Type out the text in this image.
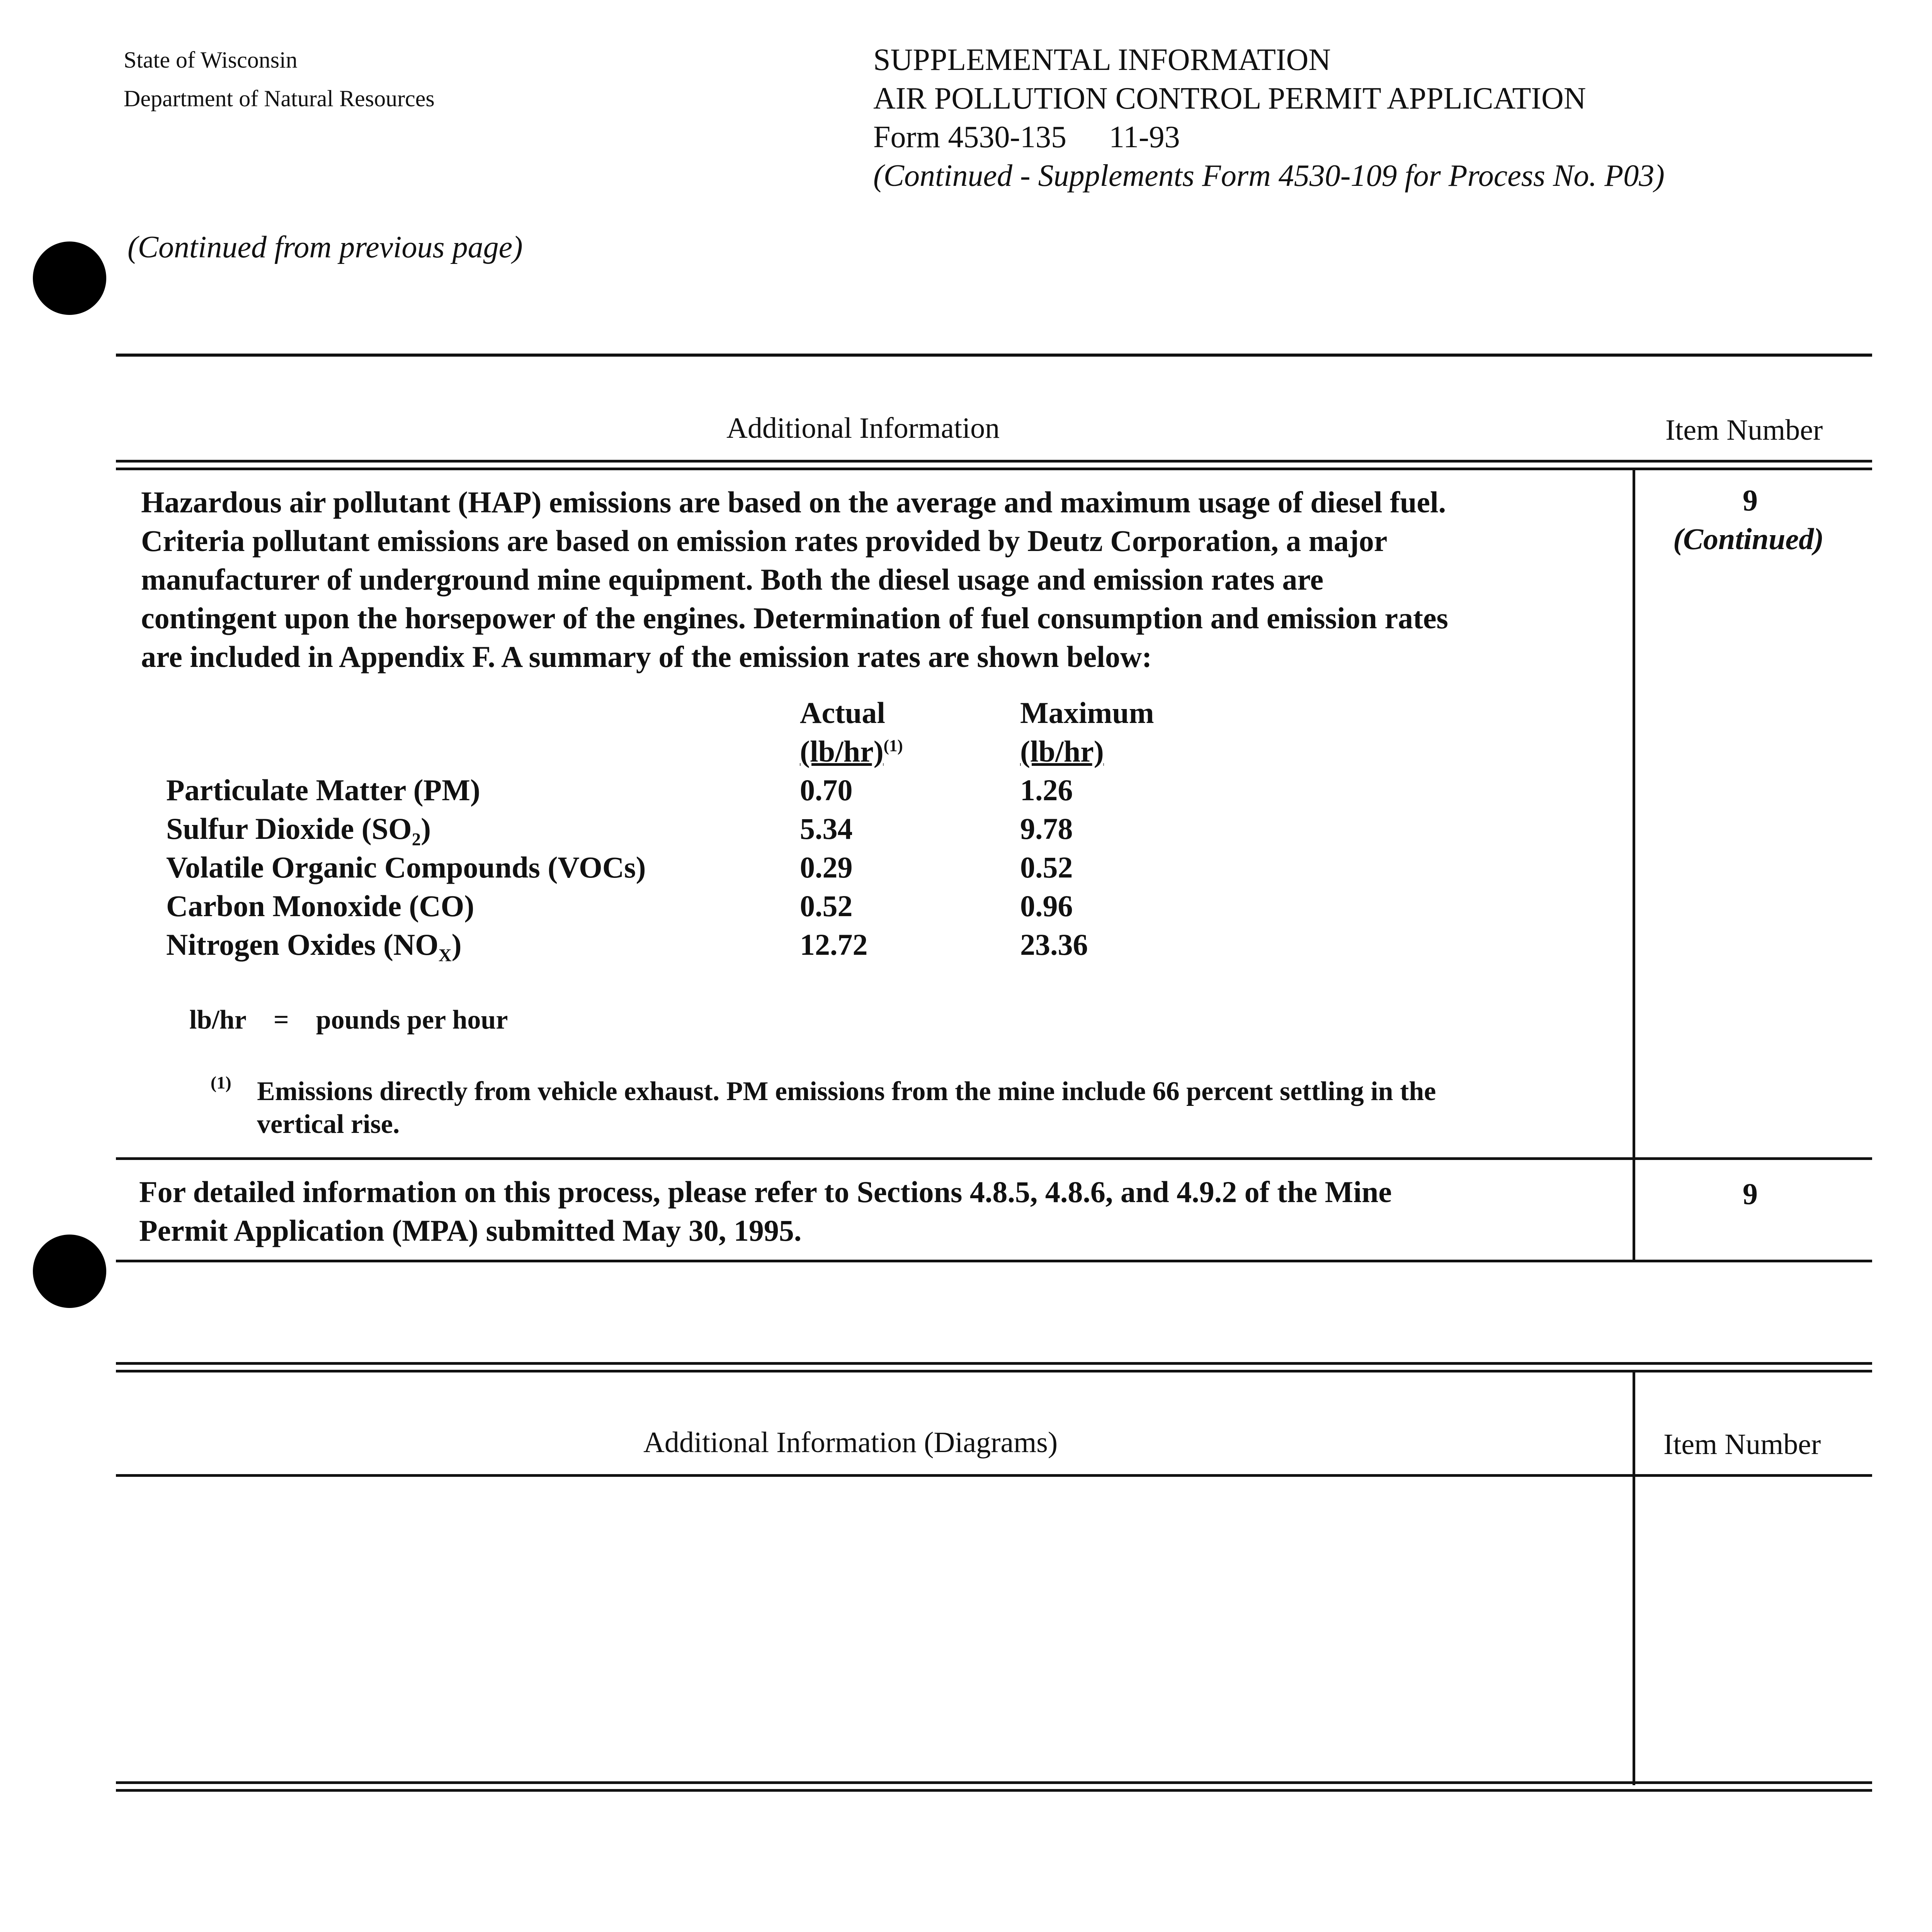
State of Wisconsin
Department of Natural Resources
SUPPLEMENTAL INFORMATION
AIR POLLUTION CONTROL PERMIT APPLICATION
Form 4530-135 11-93
(Continued - Supplements Form 4530-109 for Process No. P03)
(Continued from previous page)
Additional Information	Item Number
Hazardous air pollutant (HAP) emissions are based on the average and maximum usage of diesel fuel.
Criteria pollutant emissions are based on emission rates provided by Deutz Corporation, a major
manufacturer of underground mine equipment. Both the diesel usage and emission rates are
contingent upon the horsepower of the engines. Determination of fuel consumption and emission rates
are included in Appendix F. A summary of the emission rates are shown below:
9
(Continued)
Actual
$(lb/hr)^{(1)}$
Maximum
(lb/hr)
Particulate Matter (PM)	0.70	1.26
Sulfur Dioxide $(SO_2)$	5.34	9.78
Volatile Organic Compounds (VOCs)	0.29	0.52
Carbon Monoxide (CO)	0.52	0.96
Nitrogen Oxides $(NO_X)$	12.72	23.36
lb/hr = pounds per hour
(1) Emissions directly from vehicle exhaust. PM emissions from the mine include 66 percent settling in the
vertical rise.
For detailed information on this process, please refer to Sections 4.8.5, 4.8.6, and 4.9.2 of the Mine
Permit Application (MPA) submitted May 30, 1995.
9
Additional Information (Diagrams)	Item Number
